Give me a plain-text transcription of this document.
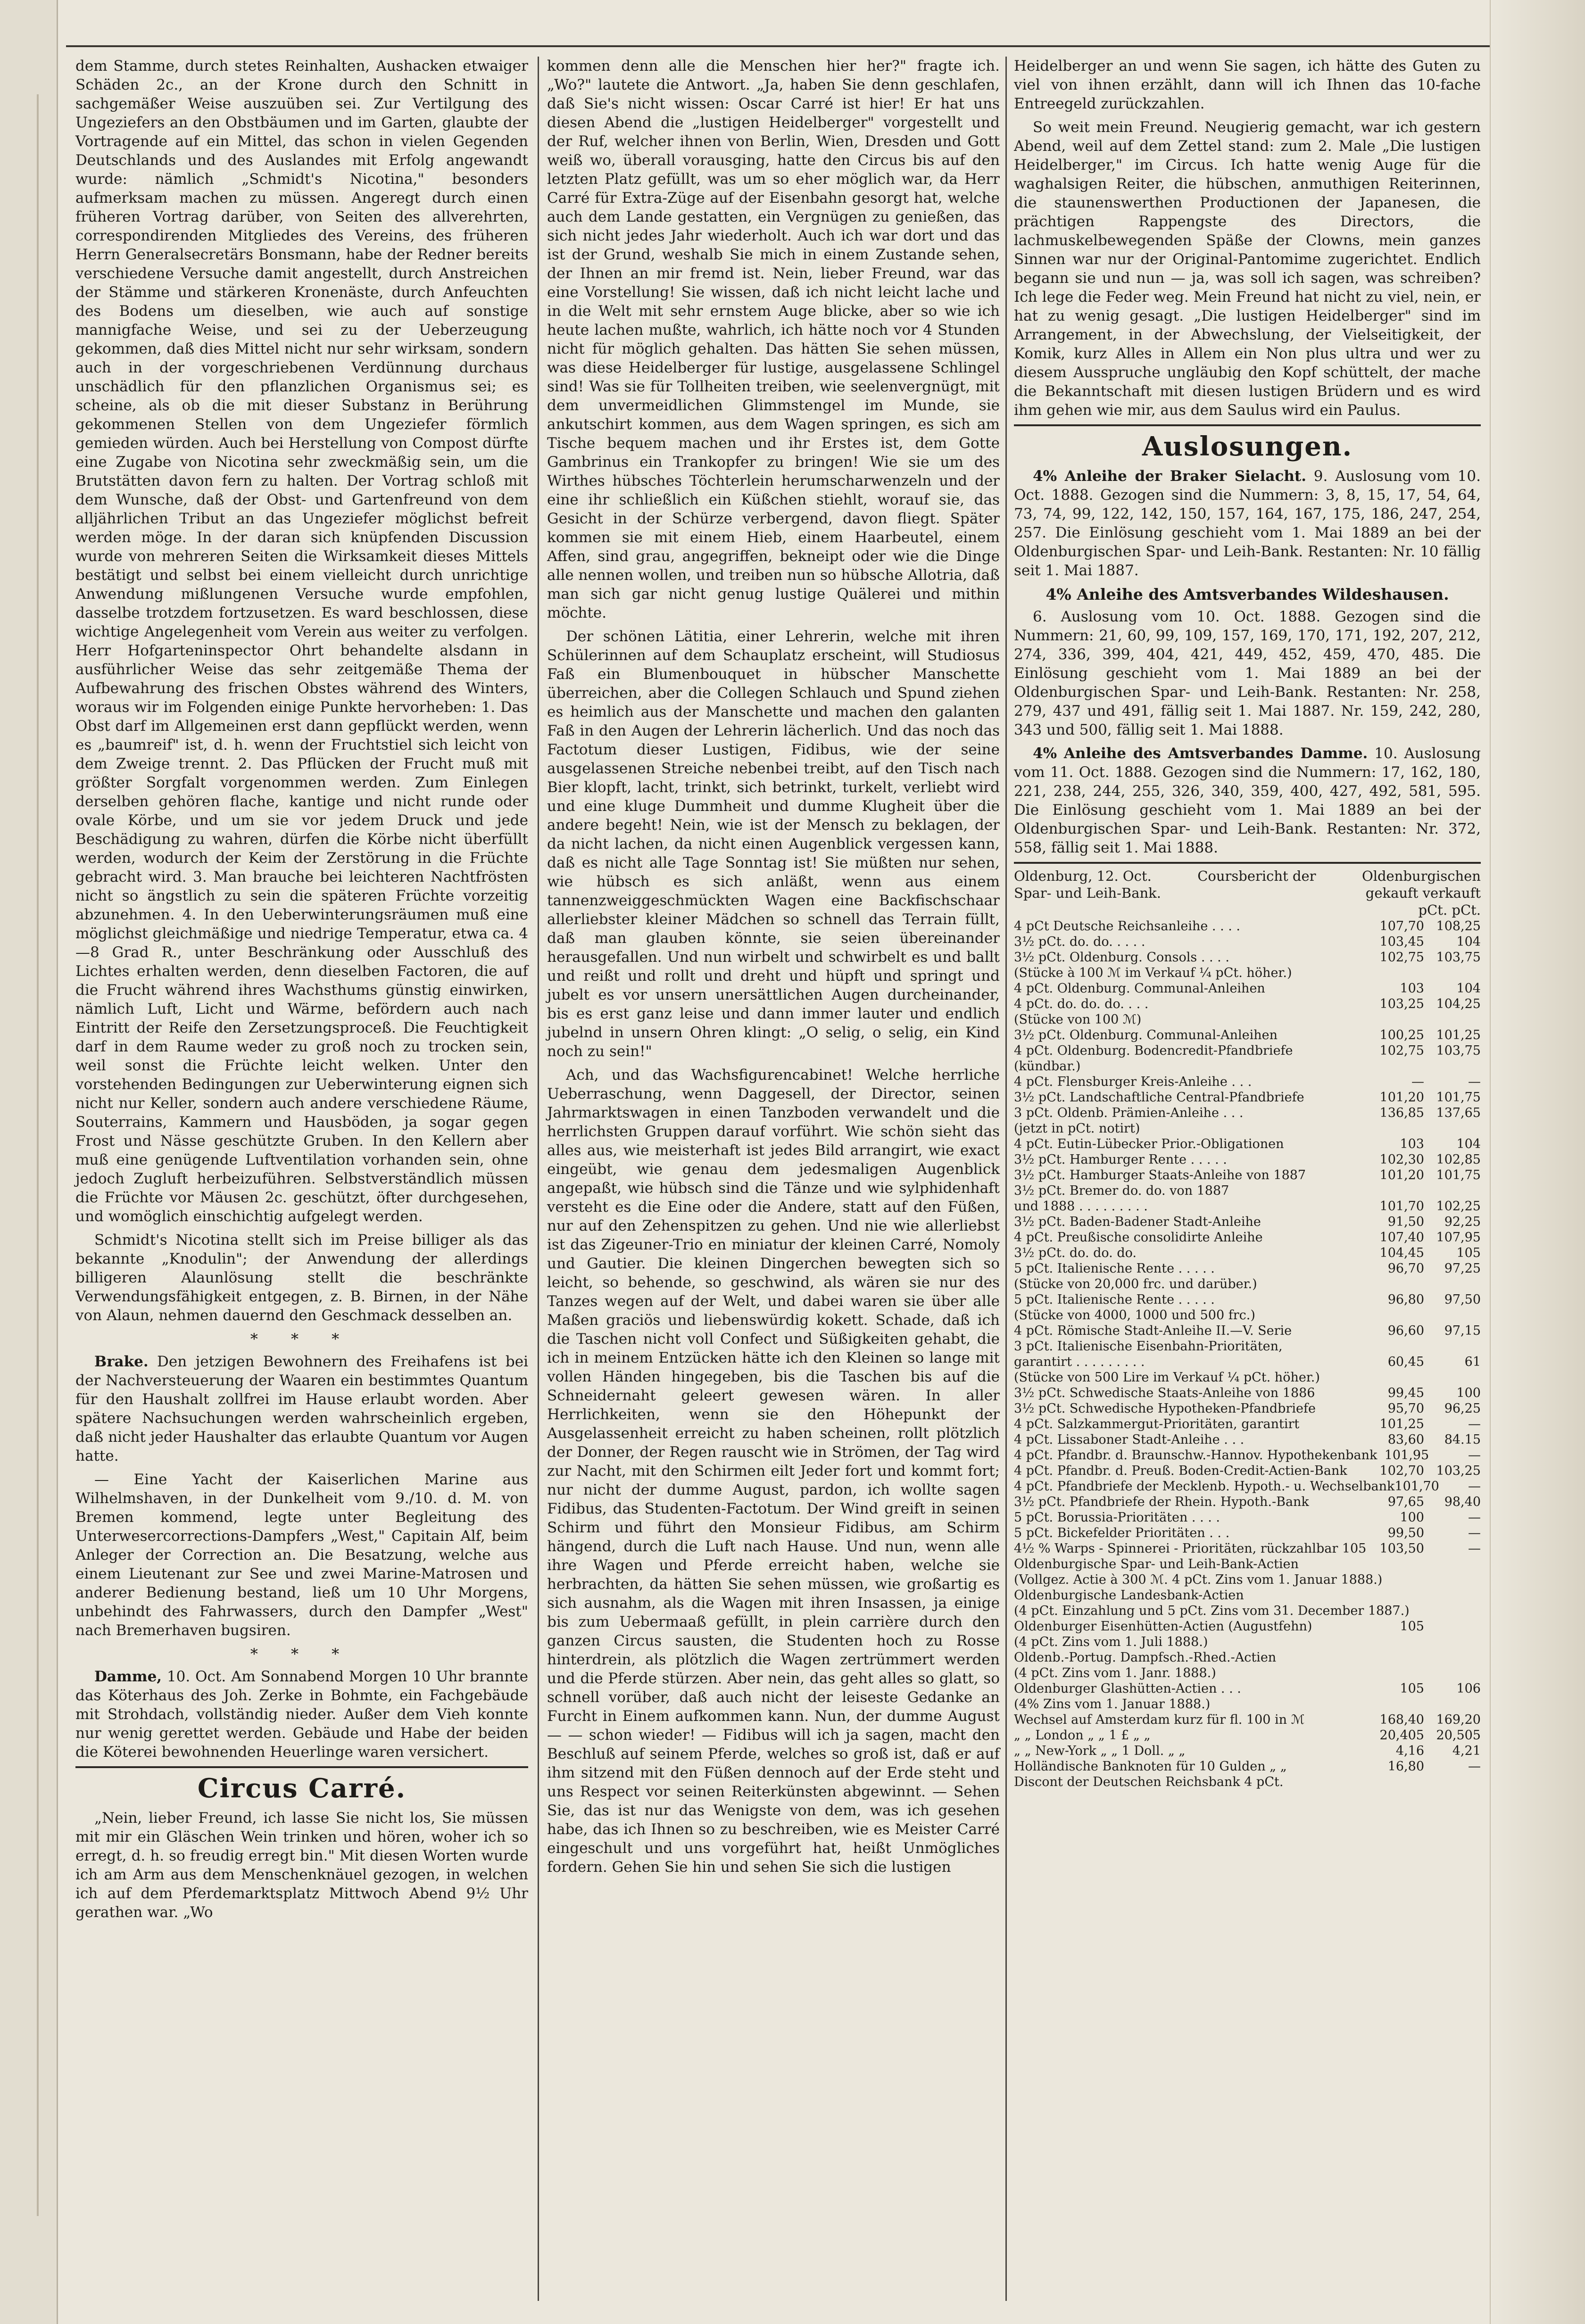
dem Stamme, durch stetes Reinhalten, Aushacken etwaiger Schäden 2c., an der Krone durch den Schnitt in sachgemäßer Weise auszuüben sei. Zur Vertilgung des Ungeziefers an den Obstbäumen und im Garten, glaubte der Vortragende auf ein Mittel, das schon in vielen Gegenden Deutschlands und des Auslandes mit Erfolg angewandt wurde: nämlich „Schmidt's Nicotina," besonders aufmerksam machen zu müssen. Angeregt durch einen früheren Vortrag darüber, von Seiten des allverehrten, correspondirenden Mitgliedes des Vereins, des früheren Herrn Generalsecretärs Bonsmann, habe der Redner bereits verschiedene Versuche damit angestellt, durch Anstreichen der Stämme und stärkeren Kronenäste, durch Anfeuchten des Bodens um dieselben, wie auch auf sonstige mannigfache Weise, und sei zu der Ueberzeugung gekommen, daß dies Mittel nicht nur sehr wirksam, sondern auch in der vorgeschriebenen Verdünnung durchaus unschädlich für den pflanzlichen Organismus sei; es scheine, als ob die mit dieser Substanz in Berührung gekommenen Stellen von dem Ungeziefer förmlich gemieden würden. Auch bei Herstellung von Compost dürfte eine Zugabe von Nicotina sehr zweckmäßig sein, um die Brutstätten davon fern zu halten. Der Vortrag schloß mit dem Wunsche, daß der Obst- und Gartenfreund von dem alljährlichen Tribut an das Ungeziefer möglichst befreit werden möge. In der daran sich knüpfenden Discussion wurde von mehreren Seiten die Wirksamkeit dieses Mittels bestätigt und selbst bei einem vielleicht durch unrichtige Anwendung mißlungenen Versuche wurde empfohlen, dasselbe trotzdem fortzusetzen. Es ward beschlossen, diese wichtige Angelegenheit vom Verein aus weiter zu verfolgen. Herr Hofgarteninspector Ohrt behandelte alsdann in ausführlicher Weise das sehr zeitgemäße Thema der Aufbewahrung des frischen Obstes während des Winters, woraus wir im Folgenden einige Punkte hervorheben: 1. Das Obst darf im Allgemeinen erst dann gepflückt werden, wenn es „baumreif" ist, d. h. wenn der Fruchtstiel sich leicht von dem Zweige trennt. 2. Das Pflücken der Frucht muß mit größter Sorgfalt vorgenommen werden. Zum Einlegen derselben gehören flache, kantige und nicht runde oder ovale Körbe, und um sie vor jedem Druck und jede Beschädigung zu wahren, dürfen die Körbe nicht überfüllt werden, wodurch der Keim der Zerstörung in die Früchte gebracht wird. 3. Man brauche bei leichteren Nachtfrösten nicht so ängstlich zu sein die späteren Früchte vorzeitig abzunehmen. 4. In den Ueberwinterungsräumen muß eine möglichst gleichmäßige und niedrige Temperatur, etwa ca. 4—8 Grad R., unter Beschränkung oder Ausschluß des Lichtes erhalten werden, denn dieselben Factoren, die auf die Frucht während ihres Wachsthums günstig einwirken, nämlich Luft, Licht und Wärme, befördern auch nach Eintritt der Reife den Zersetzungsproceß. Die Feuchtigkeit darf in dem Raume weder zu groß noch zu trocken sein, weil sonst die Früchte leicht welken. Unter den vorstehenden Bedingungen zur Ueberwinterung eignen sich nicht nur Keller, sondern auch andere verschiedene Räume, Souterrains, Kammern und Hausböden, ja sogar gegen Frost und Nässe geschützte Gruben. In den Kellern aber muß eine genügende Luftventilation vorhanden sein, ohne jedoch Zugluft herbeizuführen. Selbstverständlich müssen die Früchte vor Mäusen 2c. geschützt, öfter durchgesehen, und womöglich einschichtig aufgelegt werden.

Schmidt's Nicotina stellt sich im Preise billiger als das bekannte „Knodulin"; der Anwendung der allerdings billigeren Alaunlösung stellt die beschränkte Verwendungsfähigkeit entgegen, z. B. Birnen, in der Nähe von Alaun, nehmen dauernd den Geschmack desselben an.

* * *

Brake. Den jetzigen Bewohnern des Freihafens ist bei der Nachversteuerung der Waaren ein bestimmtes Quantum für den Haushalt zollfrei im Hause erlaubt worden. Aber spätere Nachsuchungen werden wahrscheinlich ergeben, daß nicht jeder Haushalter das erlaubte Quantum vor Augen hatte.

— Eine Yacht der Kaiserlichen Marine aus Wilhelmshaven, in der Dunkelheit vom 9./10. d. M. von Bremen kommend, legte unter Begleitung des Unterwesercorrections-Dampfers „West," Capitain Alf, beim Anleger der Correction an. Die Besatzung, welche aus einem Lieutenant zur See und zwei Marine-Matrosen und anderer Bedienung bestand, ließ um 10 Uhr Morgens, unbehindt des Fahrwassers, durch den Dampfer „West" nach Bremerhaven bugsiren.

* * *

Damme, 10. Oct. Am Sonnabend Morgen 10 Uhr brannte das Köterhaus des Joh. Zerke in Bohmte, ein Fachgebäude mit Strohdach, vollständig nieder. Außer dem Vieh konnte nur wenig gerettet werden. Gebäude und Habe der beiden die Köterei bewohnenden Heuerlinge waren versichert.

Circus Carré.

„Nein, lieber Freund, ich lasse Sie nicht los, Sie müssen mit mir ein Gläschen Wein trinken und hören, woher ich so erregt, d. h. so freudig erregt bin." Mit diesen Worten wurde ich am Arm aus dem Menschenknäuel gezogen, in welchen ich auf dem Pferdemarktsplatz Mittwoch Abend 9½ Uhr gerathen war. „Wo

kommen denn alle die Menschen hier her?" fragte ich. „Wo?" lautete die Antwort. „Ja, haben Sie denn geschlafen, daß Sie's nicht wissen: Oscar Carré ist hier! Er hat uns diesen Abend die „lustigen Heidelberger" vorgestellt und der Ruf, welcher ihnen von Berlin, Wien, Dresden und Gott weiß wo, überall vorausging, hatte den Circus bis auf den letzten Platz gefüllt, was um so eher möglich war, da Herr Carré für Extra-Züge auf der Eisenbahn gesorgt hat, welche auch dem Lande gestatten, ein Vergnügen zu genießen, das sich nicht jedes Jahr wiederholt. Auch ich war dort und das ist der Grund, weshalb Sie mich in einem Zustande sehen, der Ihnen an mir fremd ist. Nein, lieber Freund, war das eine Vorstellung! Sie wissen, daß ich nicht leicht lache und in die Welt mit sehr ernstem Auge blicke, aber so wie ich heute lachen mußte, wahrlich, ich hätte noch vor 4 Stunden nicht für möglich gehalten. Das hätten Sie sehen müssen, was diese Heidelberger für lustige, ausgelassene Schlingel sind! Was sie für Tollheiten treiben, wie seelenvergnügt, mit dem unvermeidlichen Glimmstengel im Munde, sie ankutschirt kommen, aus dem Wagen springen, es sich am Tische bequem machen und ihr Erstes ist, dem Gotte Gambrinus ein Trankopfer zu bringen! Wie sie um des Wirthes hübsches Töchterlein herumscharwenzeln und der eine ihr schließlich ein Küßchen stiehlt, worauf sie, das Gesicht in der Schürze verbergend, davon fliegt. Später kommen sie mit einem Hieb, einem Haarbeutel, einem Affen, sind grau, angegriffen, bekneipt oder wie die Dinge alle nennen wollen, und treiben nun so hübsche Allotria, daß man sich gar nicht genug lustige Quälerei und mithin möchte.

Der schönen Lätitia, einer Lehrerin, welche mit ihren Schülerinnen auf dem Schauplatz erscheint, will Studiosus Faß ein Blumenbouquet in hübscher Manschette überreichen, aber die Collegen Schlauch und Spund ziehen es heimlich aus der Manschette und machen den galanten Faß in den Augen der Lehrerin lächerlich. Und das noch das Factotum dieser Lustigen, Fidibus, wie der seine ausgelassenen Streiche nebenbei treibt, auf den Tisch nach Bier klopft, lacht, trinkt, sich betrinkt, turkelt, verliebt wird und eine kluge Dummheit und dumme Klugheit über die andere begeht! Nein, wie ist der Mensch zu beklagen, der da nicht lachen, da nicht einen Augenblick vergessen kann, daß es nicht alle Tage Sonntag ist! Sie müßten nur sehen, wie hübsch es sich anläßt, wenn aus einem tannenzweiggeschmückten Wagen eine Backfischschaar allerliebster kleiner Mädchen so schnell das Terrain füllt, daß man glauben könnte, sie seien übereinander herausgefallen. Und nun wirbelt und schwirbelt es und ballt und reißt und rollt und dreht und hüpft und springt und jubelt es vor unsern unersättlichen Augen durcheinander, bis es erst ganz leise und dann immer lauter und endlich jubelnd in unsern Ohren klingt: „O selig, o selig, ein Kind noch zu sein!"

Ach, und das Wachsfigurencabinet! Welche herrliche Ueberraschung, wenn Daggesell, der Director, seinen Jahrmarktswagen in einen Tanzboden verwandelt und die herrlichsten Gruppen darauf vorführt. Wie schön sieht das alles aus, wie meisterhaft ist jedes Bild arrangirt, wie exact eingeübt, wie genau dem jedesmaligen Augenblick angepaßt, wie hübsch sind die Tänze und wie sylphidenhaft versteht es die Eine oder die Andere, statt auf den Füßen, nur auf den Zehenspitzen zu gehen. Und nie wie allerliebst ist das Zigeuner-Trio en miniatur der kleinen Carré, Nomoly und Gautier. Die kleinen Dingerchen bewegten sich so leicht, so behende, so geschwind, als wären sie nur des Tanzes wegen auf der Welt, und dabei waren sie über alle Maßen graciös und liebenswürdig kokett. Schade, daß ich die Taschen nicht voll Confect und Süßigkeiten gehabt, die ich in meinem Entzücken hätte ich den Kleinen so lange mit vollen Händen hingegeben, bis die Taschen bis auf die Schneidernaht geleert gewesen wären. In aller Herrlichkeiten, wenn sie den Höhepunkt der Ausgelassenheit erreicht zu haben scheinen, rollt plötzlich der Donner, der Regen rauscht wie in Strömen, der Tag wird zur Nacht, mit den Schirmen eilt Jeder fort und kommt fort; nur nicht der dumme August, pardon, ich wollte sagen Fidibus, das Studenten-Factotum. Der Wind greift in seinen Schirm und führt den Monsieur Fidibus, am Schirm hängend, durch die Luft nach Hause. Und nun, wenn alle ihre Wagen und Pferde erreicht haben, welche sie herbrachten, da hätten Sie sehen müssen, wie großartig es sich ausnahm, als die Wagen mit ihren Insassen, ja einige bis zum Uebermaaß gefüllt, in plein carrière durch den ganzen Circus sausten, die Studenten hoch zu Rosse hinterdrein, als plötzlich die Wagen zertrümmert werden und die Pferde stürzen. Aber nein, das geht alles so glatt, so schnell vorüber, daß auch nicht der leiseste Gedanke an Furcht in Einem aufkommen kann. Nun, der dumme August — — schon wieder! — Fidibus will ich ja sagen, macht den Beschluß auf seinem Pferde, welches so groß ist, daß er auf ihm sitzend mit den Füßen dennoch auf der Erde steht und uns Respect vor seinen Reiterkünsten abgewinnt. — Sehen Sie, das ist nur das Wenigste von dem, was ich gesehen habe, das ich Ihnen so zu beschreiben, wie es Meister Carré eingeschult und uns vorgeführt hat, heißt Unmögliches fordern. Gehen Sie hin und sehen Sie sich die lustigen

Heidelberger an und wenn Sie sagen, ich hätte des Guten zu viel von ihnen erzählt, dann will ich Ihnen das 10-fache Entreegeld zurückzahlen.

So weit mein Freund. Neugierig gemacht, war ich gestern Abend, weil auf dem Zettel stand: zum 2. Male „Die lustigen Heidelberger," im Circus. Ich hatte wenig Auge für die waghalsigen Reiter, die hübschen, anmuthigen Reiterinnen, die staunenswerthen Productionen der Japanesen, die prächtigen Rappengste des Directors, die lachmuskelbewegenden Späße der Clowns, mein ganzes Sinnen war nur der Original-Pantomime zugerichtet. Endlich begann sie und nun — ja, was soll ich sagen, was schreiben? Ich lege die Feder weg. Mein Freund hat nicht zu viel, nein, er hat zu wenig gesagt. „Die lustigen Heidelberger" sind im Arrangement, in der Abwechslung, der Vielseitigkeit, der Komik, kurz Alles in Allem ein Non plus ultra und wer zu diesem Ausspruche ungläubig den Kopf schüttelt, der mache die Bekanntschaft mit diesen lustigen Brüdern und es wird ihm gehen wie mir, aus dem Saulus wird ein Paulus.

Auslosungen.

4% Anleihe der Braker Sielacht. 9. Auslosung vom 10. Oct. 1888. Gezogen sind die Nummern: 3, 8, 15, 17, 54, 64, 73, 74, 99, 122, 142, 150, 157, 164, 167, 175, 186, 247, 254, 257. Die Einlösung geschieht vom 1. Mai 1889 an bei der Oldenburgischen Spar- und Leih-Bank. Restanten: Nr. 10 fällig seit 1. Mai 1887.

4% Anleihe des Amtsverbandes Wildeshausen.

6. Auslosung vom 10. Oct. 1888. Gezogen sind die Nummern: 21, 60, 99, 109, 157, 169, 170, 171, 192, 207, 212, 274, 336, 399, 404, 421, 449, 452, 459, 470, 485. Die Einlösung geschieht vom 1. Mai 1889 an bei der Oldenburgischen Spar- und Leih-Bank. Restanten: Nr. 258, 279, 437 und 491, fällig seit 1. Mai 1887. Nr. 159, 242, 280, 343 und 500, fällig seit 1. Mai 1888.

4% Anleihe des Amtsverbandes Damme. 10. Auslosung vom 11. Oct. 1888. Gezogen sind die Nummern: 17, 162, 180, 221, 238, 244, 255, 326, 340, 359, 400, 427, 492, 581, 595. Die Einlösung geschieht vom 1. Mai 1889 an bei der Oldenburgischen Spar- und Leih-Bank. Restanten: Nr. 372, 558, fällig seit 1. Mai 1888.

Oldenburg, 12. Oct.	Coursbericht der	Oldenburgischen
Spar- und Leih-Bank.	gekauft verkauft
pCt. pCt.
4 pCt Deutsche Reichsanleihe . . . .	107,70 108,25
3½ pCt. do. do. . . . .	103,45	104
3½ pCt. Oldenburg. Consols . . . .	102,75 103,75
(Stücke à 100 ℳ im Verkauf ¼ pCt. höher.)
4 pCt. Oldenburg. Communal-Anleihen	103	104
4 pCt. do. do. do. . . .	103,25 104,25
(Stücke von 100 ℳ)
3½ pCt. Oldenburg. Communal-Anleihen	100,25 101,25
4 pCt. Oldenburg. Bodencredit-Pfandbriefe	102,75 103,75
(kündbar.)
4 pCt. Flensburger Kreis-Anleihe . . .	—	—
3½ pCt. Landschaftliche Central-Pfandbriefe	101,20 101,75
3 pCt. Oldenb. Prämien-Anleihe . . .	136,85 137,65
(jetzt in pCt. notirt)
4 pCt. Eutin-Lübecker Prior.-Obligationen	103	104
3½ pCt. Hamburger Rente . . . . .	102,30 102,85
3½ pCt. Hamburger Staats-Anleihe von 1887	101,20 101,75
3½ pCt. Bremer do. do. von 1887
und 1888 . . . . . . . . .	101,70 102,25
3½ pCt. Baden-Badener Stadt-Anleihe	91,50	92,25
4 pCt. Preußische consolidirte Anleihe	107,40 107,95
3½ pCt. do. do. do.	104,45	105
5 pCt. Italienische Rente . . . . .	96,70	97,25
(Stücke von 20,000 frc. und darüber.)
5 pCt. Italienische Rente . . . . .	96,80	97,50
(Stücke von 4000, 1000 und 500 frc.)
4 pCt. Römische Stadt-Anleihe II.—V. Serie	96,60	97,15
3 pCt. Italienische Eisenbahn-Prioritäten,
garantirt . . . . . . . . .	60,45	61
(Stücke von 500 Lire im Verkauf ¼ pCt. höher.)
3½ pCt. Schwedische Staats-Anleihe von 1886	99,45	100
3½ pCt. Schwedische Hypotheken-Pfandbriefe	95,70	96,25
4 pCt. Salzkammergut-Prioritäten, garantirt	101,25	—
4 pCt. Lissaboner Stadt-Anleihe . . .	83,60	84.15
4 pCt. Pfandbr. d. Braunschw.-Hannov. Hypothekenbank 101,95	—
4 pCt. Pfandbr. d. Preuß. Boden-Credit-Actien-Bank	102,70 103,25
4 pCt. Pfandbriefe der Mecklenb. Hypoth.- u. Wechselbank 101,70	—
3½ pCt. Pfandbriefe der Rhein. Hypoth.-Bank	97,65	98,40
5 pCt. Borussia-Prioritäten . . . .	100	—
5 pCt. Bickefelder Prioritäten . . .	99,50	—
4½ % Warps - Spinnerei - Prioritäten, rückzahlbar 105	103,50	—
Oldenburgische Spar- und Leih-Bank-Actien
(Vollgez. Actie à 300 ℳ. 4 pCt. Zins vom 1. Januar 1888.)
Oldenburgische Landesbank-Actien
(4 pCt. Einzahlung und 5 pCt. Zins vom 31. December 1887.)
Oldenburger Eisenhütten-Actien (Augustfehn)	105
(4 pCt. Zins vom 1. Juli 1888.)
Oldenb.-Portug. Dampfsch.-Rhed.-Actien
(4 pCt. Zins vom 1. Janr. 1888.)
Oldenburger Glashütten-Actien . . .	105	106
(4% Zins vom 1. Januar 1888.)
Wechsel auf Amsterdam kurz für fl. 100 in ℳ	168,40 169,20
„ „ London „ „ 1 £ „ „	20,405 20,505
„ „ New-York „ „ 1 Doll. „ „	4,16	4,21
Holländische Banknoten für 10 Gulden „ „	16,80	—
Discont der Deutschen Reichsbank 4 pCt.
